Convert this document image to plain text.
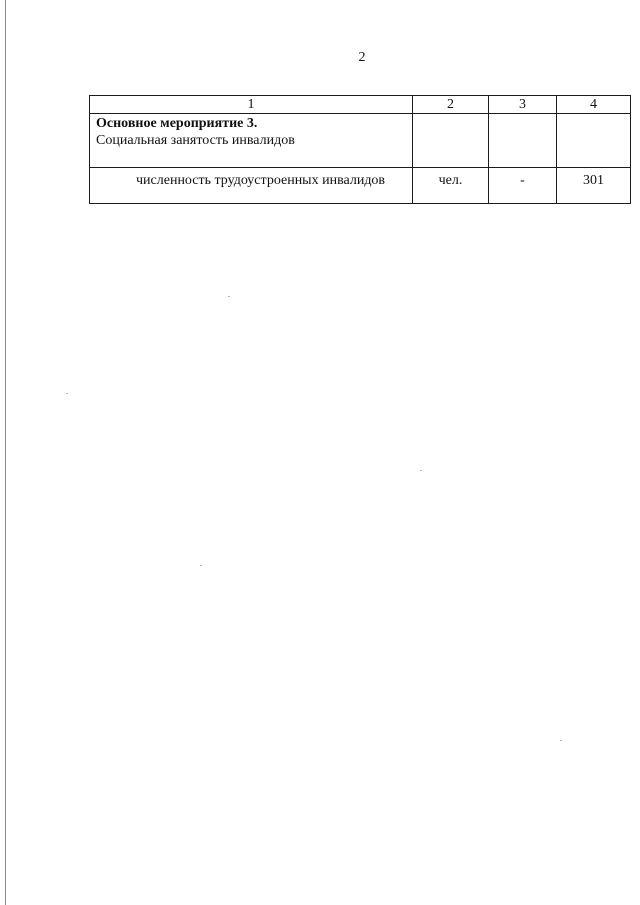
2
1	2	3	4

Основное мероприятие 3.
Социальная занятость инвалидов			

численность трудоустроенных инвалидов	чел.	-	301
